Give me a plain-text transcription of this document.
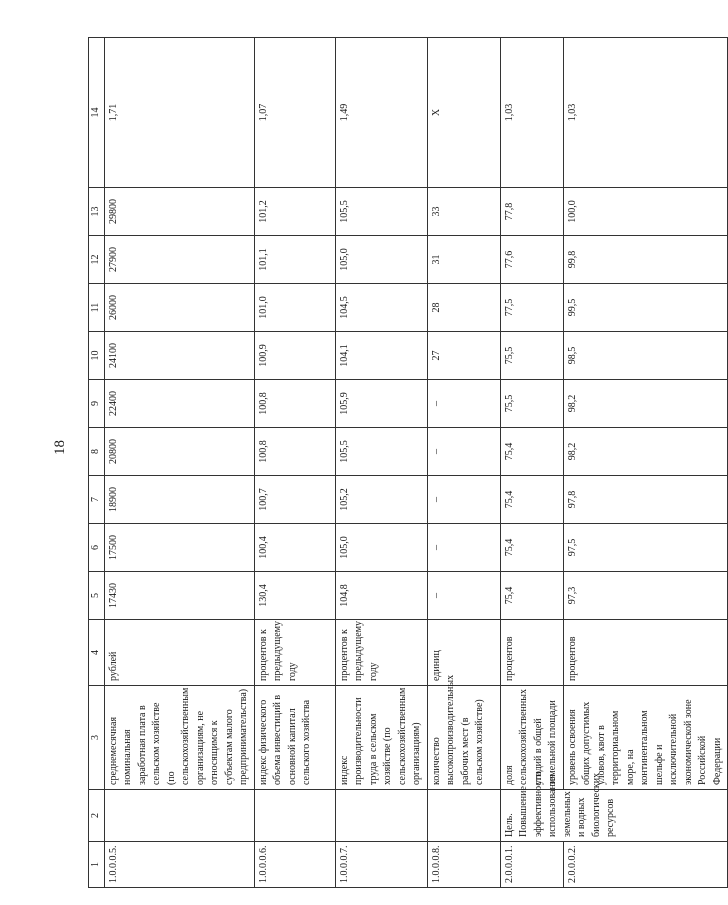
18
1	2	3	4	5	6	7	8	9	10	11	12	13	14
1.0.0.0.5.		среднемесячная номинальная заработная плата в сельском хозяйстве (по сельскохозяйственным организациям, не относящимся к субъектам малого предпринимательства)	рублей	17430	17500	18900	20800	22400	24100	26000	27900	29800	1,71
1.0.0.0.6.		индекс физического объема инвестиций в основной капитал сельского хозяйства	процентов к предыдущему году	130,4	100,4	100,7	100,8	100,8	100,9	101,0	101,1	101,2	1,07
1.0.0.0.7.		индекс производительности труда в сельском хозяйстве (по сельскохозяйственным организациям)	процентов к предыдущему году	104,8	105,0	105,2	105,5	105,9	104,1	104,5	105,0	105,5	1,49
1.0.0.0.8.		количество высокопроизводительных рабочих мест (в сельском хозяйстве)	единиц	–	–	–	–	–	27	28	31	33	Х
2.0.0.0.1.	Цель. Повышение эффективности использования земельных и водных биологических ресурсов	доля сельскохозяйственных угодий в общей земельной площади	процентов	75,4	75,4	75,4	75,4	75,5	75,5	77,5	77,6	77,8	1,03
2.0.0.0.2.		уровень освоения общих допустимых уловов, квот в территориальном море, на континентальном шельфе и исключительной экономической зоне Российской Федерации	процентов	97,3	97,5	97,8	98,2	98,2	98,5	99,5	99,8	100,0	1,03
